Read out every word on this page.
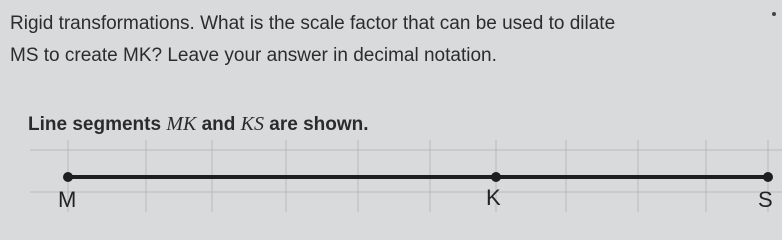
Rigid transformations. What is the scale factor that can be used to dilate
MS to create MK? Leave your answer in decimal notation.
Line segments MK and KS are shown.
M	K	S
